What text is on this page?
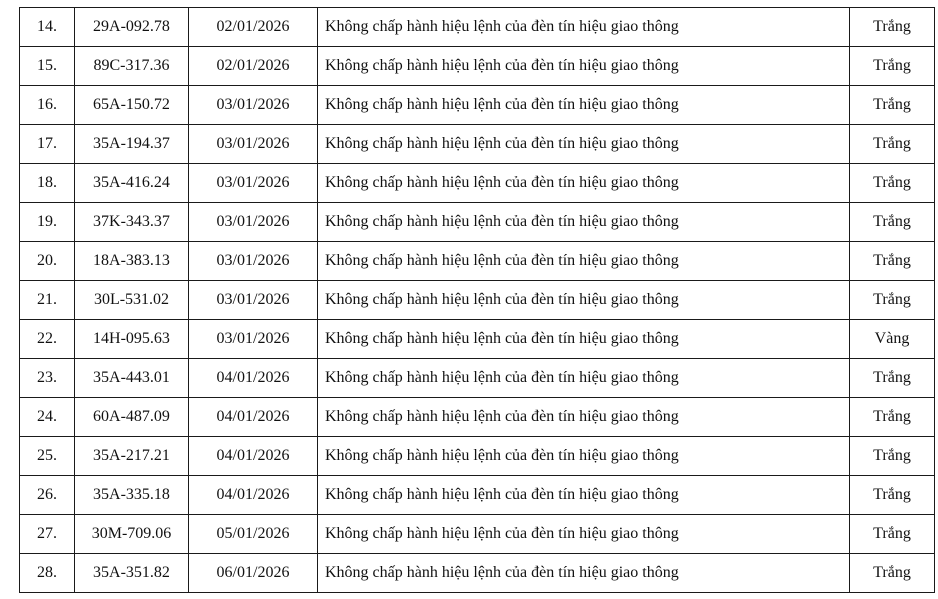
14.	29A-092.78	02/01/2026	Không chấp hành hiệu lệnh của đèn tín hiệu giao thông	Trắng
15.	89C-317.36	02/01/2026	Không chấp hành hiệu lệnh của đèn tín hiệu giao thông	Trắng
16.	65A-150.72	03/01/2026	Không chấp hành hiệu lệnh của đèn tín hiệu giao thông	Trắng
17.	35A-194.37	03/01/2026	Không chấp hành hiệu lệnh của đèn tín hiệu giao thông	Trắng
18.	35A-416.24	03/01/2026	Không chấp hành hiệu lệnh của đèn tín hiệu giao thông	Trắng
19.	37K-343.37	03/01/2026	Không chấp hành hiệu lệnh của đèn tín hiệu giao thông	Trắng
20.	18A-383.13	03/01/2026	Không chấp hành hiệu lệnh của đèn tín hiệu giao thông	Trắng
21.	30L-531.02	03/01/2026	Không chấp hành hiệu lệnh của đèn tín hiệu giao thông	Trắng
22.	14H-095.63	03/01/2026	Không chấp hành hiệu lệnh của đèn tín hiệu giao thông	Vàng
23.	35A-443.01	04/01/2026	Không chấp hành hiệu lệnh của đèn tín hiệu giao thông	Trắng
24.	60A-487.09	04/01/2026	Không chấp hành hiệu lệnh của đèn tín hiệu giao thông	Trắng
25.	35A-217.21	04/01/2026	Không chấp hành hiệu lệnh của đèn tín hiệu giao thông	Trắng
26.	35A-335.18	04/01/2026	Không chấp hành hiệu lệnh của đèn tín hiệu giao thông	Trắng
27.	30M-709.06	05/01/2026	Không chấp hành hiệu lệnh của đèn tín hiệu giao thông	Trắng
28.	35A-351.82	06/01/2026	Không chấp hành hiệu lệnh của đèn tín hiệu giao thông	Trắng
